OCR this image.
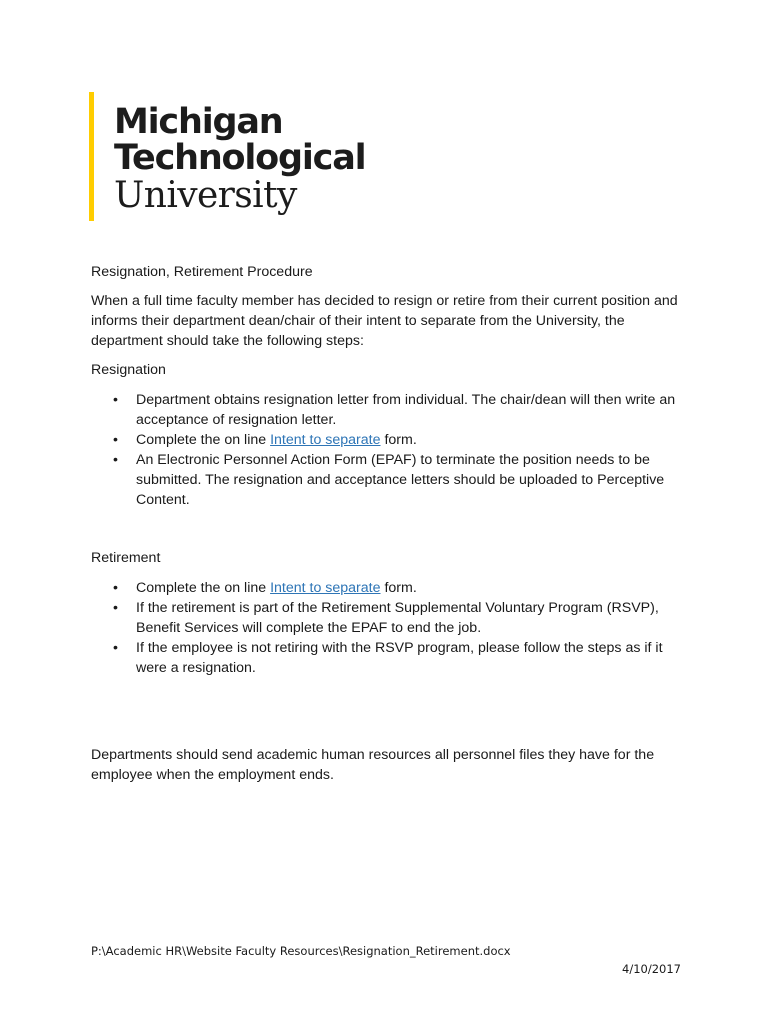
Michigan
Technological
University

Resignation, Retirement Procedure

When a full time faculty member has decided to resign or retire from their current position and informs their department dean/chair of their intent to separate from the University, the department should take the following steps:

Resignation

• Department obtains resignation letter from individual. The chair/dean will then write an acceptance of resignation letter.
• Complete the on line Intent to separate form.
• An Electronic Personnel Action Form (EPAF) to terminate the position needs to be submitted. The resignation and acceptance letters should be uploaded to Perceptive Content.

Retirement

• Complete the on line Intent to separate form.
• If the retirement is part of the Retirement Supplemental Voluntary Program (RSVP), Benefit Services will complete the EPAF to end the job.
• If the employee is not retiring with the RSVP program, please follow the steps as if it were a resignation.

Departments should send academic human resources all personnel files they have for the employee when the employment ends.

P:\Academic HR\Website Faculty Resources\Resignation_Retirement.docx
4/10/2017
